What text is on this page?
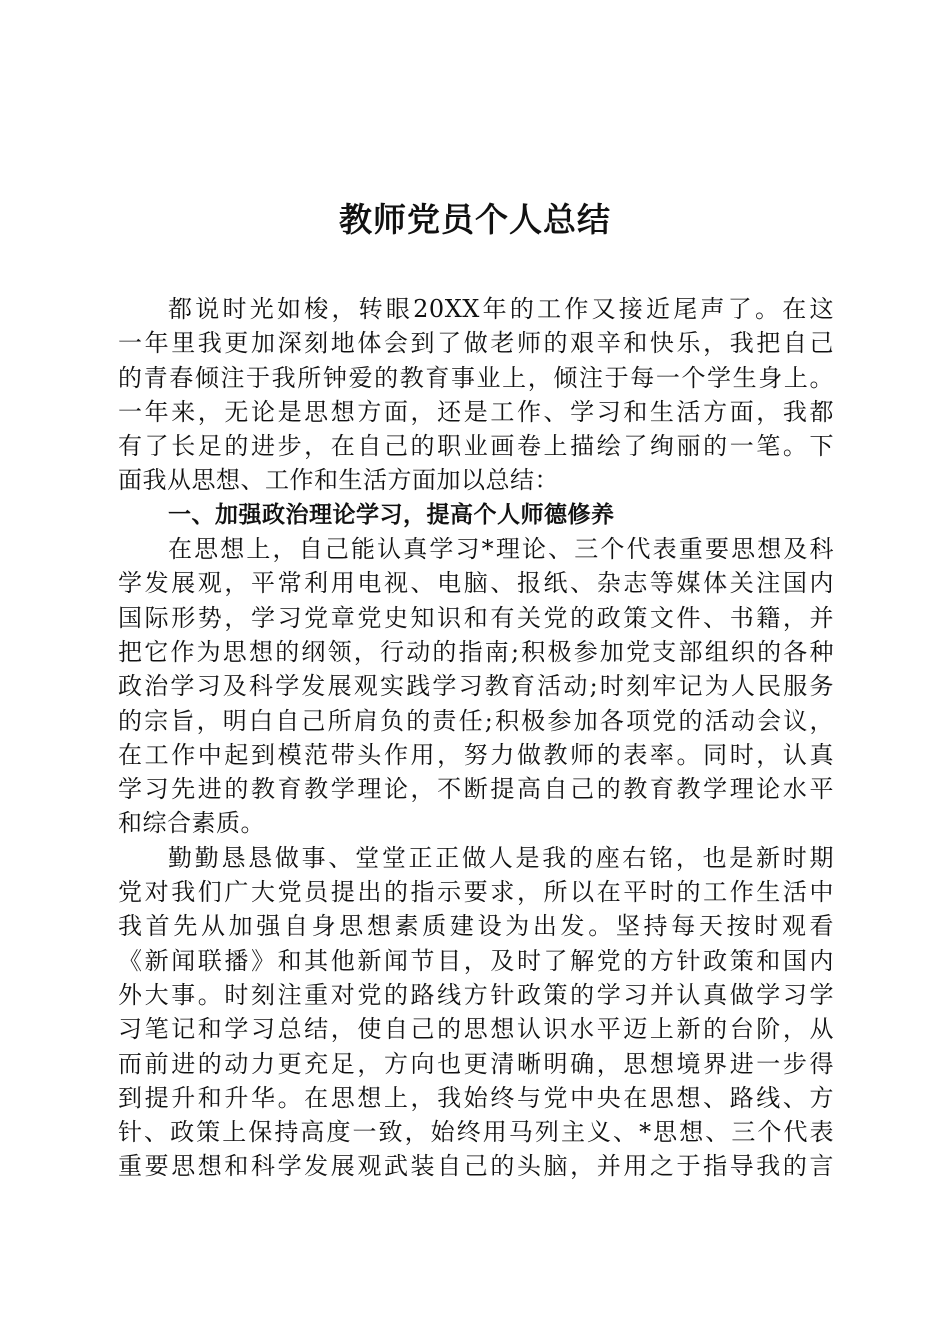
教师党员个人总结
都说时光如梭，转眼20XX年的工作又接近尾声了。在这
一年里我更加深刻地体会到了做老师的艰辛和快乐，我把自己
的青春倾注于我所钟爱的教育事业上，倾注于每一个学生身上。
一年来，无论是思想方面，还是工作、学习和生活方面，我都
有了长足的进步，在自己的职业画卷上描绘了绚丽的一笔。下
面我从思想、工作和生活方面加以总结：
一、加强政治理论学习，提高个人师德修养
在思想上，自己能认真学习*理论、三个代表重要思想及科
学发展观，平常利用电视、电脑、报纸、杂志等媒体关注国内
国际形势，学习党章党史知识和有关党的政策文件、书籍，并
把它作为思想的纲领，行动的指南;积极参加党支部组织的各种
政治学习及科学发展观实践学习教育活动;时刻牢记为人民服务
的宗旨，明白自己所肩负的责任;积极参加各项党的活动会议，
在工作中起到模范带头作用，努力做教师的表率。同时，认真
学习先进的教育教学理论，不断提高自己的教育教学理论水平
和综合素质。
勤勤恳恳做事、堂堂正正做人是我的座右铭，也是新时期
党对我们广大党员提出的指示要求，所以在平时的工作生活中
我首先从加强自身思想素质建设为出发。坚持每天按时观看
《新闻联播》和其他新闻节目，及时了解党的方针政策和国内
外大事。时刻注重对党的路线方针政策的学习并认真做学习学
习笔记和学习总结，使自己的思想认识水平迈上新的台阶，从
而前进的动力更充足，方向也更清晰明确，思想境界进一步得
到提升和升华。在思想上，我始终与党中央在思想、路线、方
针、政策上保持高度一致，始终用马列主义、*思想、三个代表
重要思想和科学发展观武装自己的头脑，并用之于指导我的言
